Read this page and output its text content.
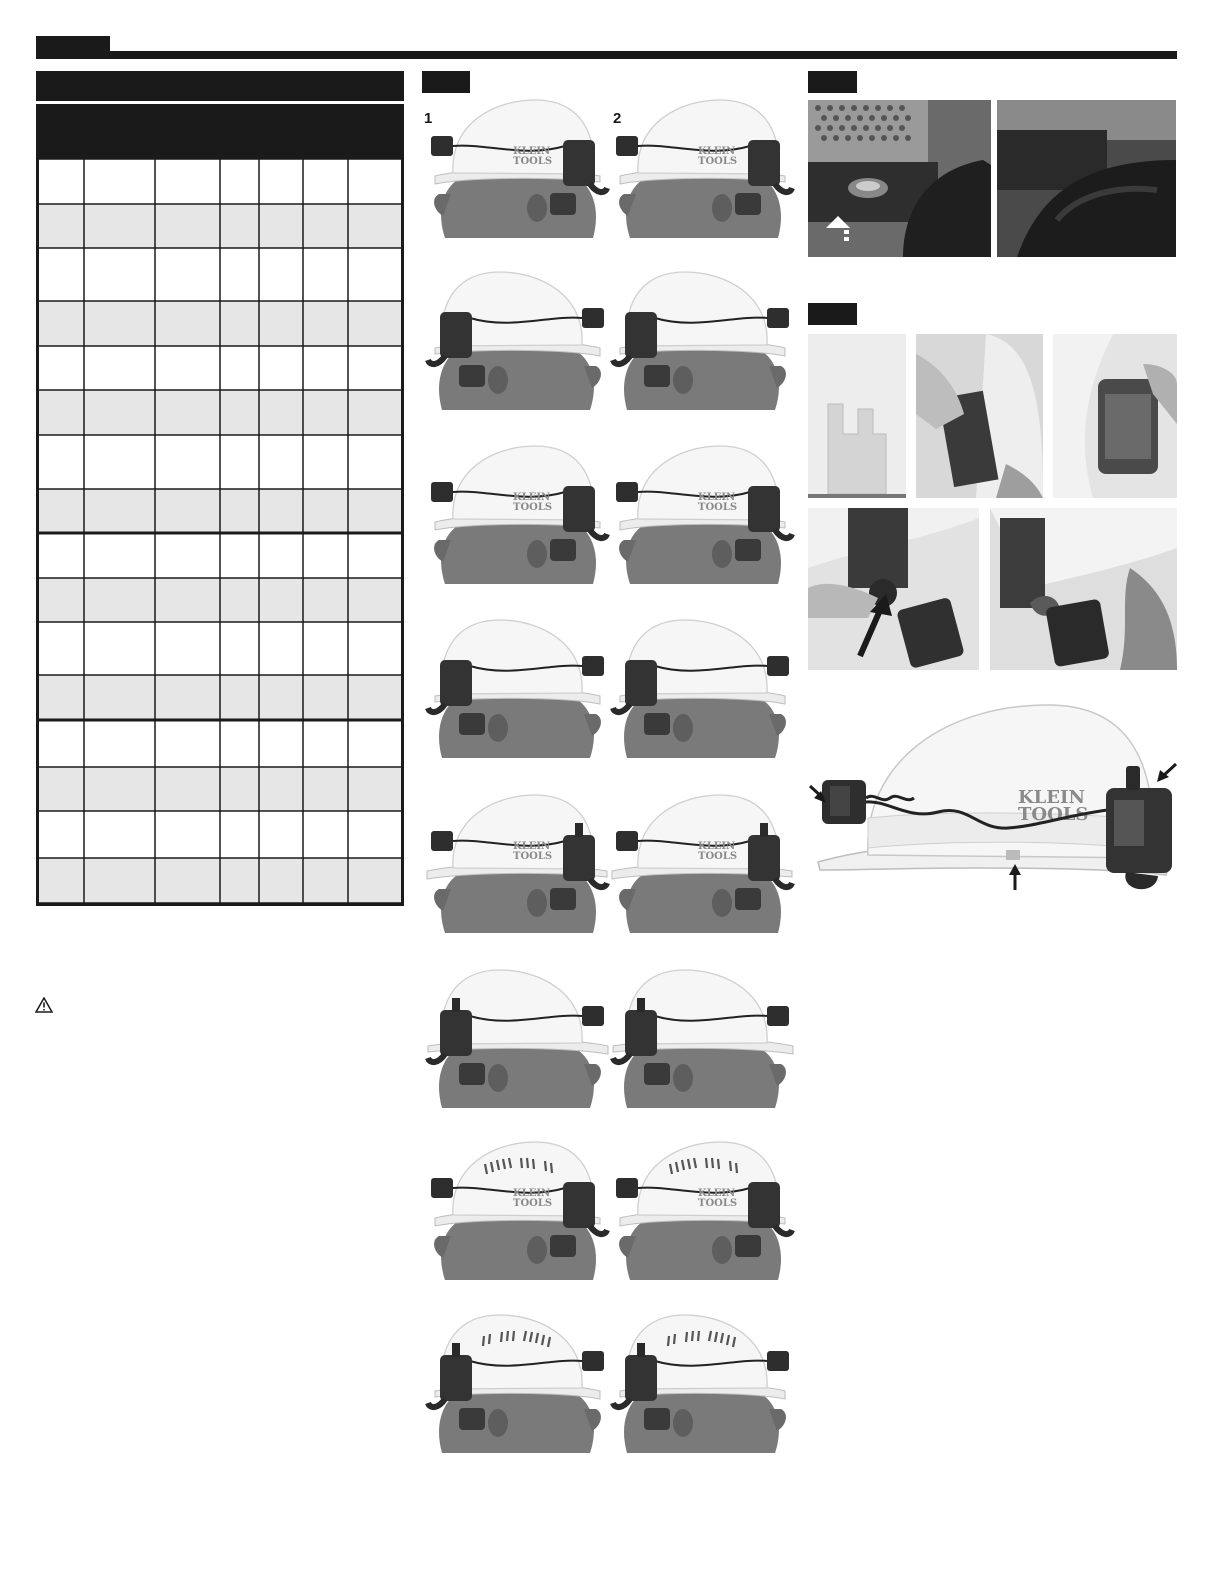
1	2
KLEIN
TOOLS
KLEIN
TOOLS
KLEIN
TOOLS
KLEIN
TOOLS
KLEIN
TOOLS
KLEIN
TOOLS
KLEIN
TOOLS
KLEIN
TOOLS
KLEIN
TOOLS
